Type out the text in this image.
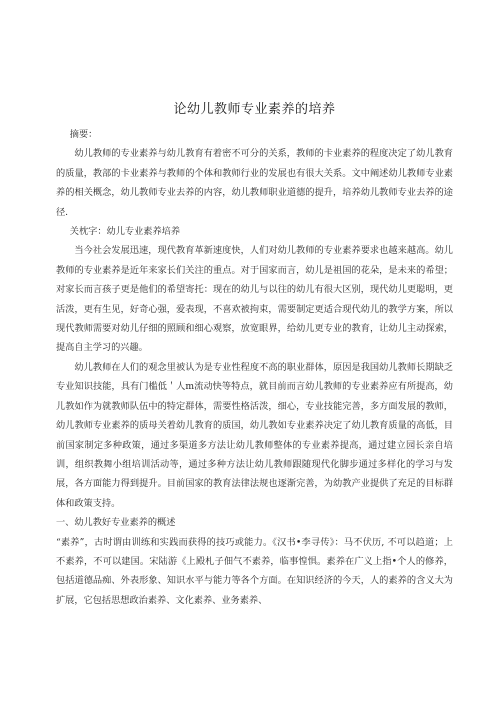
论幼儿教师专业素养的培养

摘要：

幼儿教师的专业素养与幼儿教育有着密不可分的关系，教师的卡业素养的程度决定了幼儿教育的质量，教部的卡业素养与教师的个体和教师行业的发展也有很大关系。文中阐述幼儿教师专业素养的相关概念，幼儿教师专业去养的内容，幼儿教师职业道德的提升，培养幼儿教师专业去养的途径.

关枕字：幼儿专业素养培养

当今社会发展迅速，现代教育革新速度快，人们对幼儿教师的专业素养要求也越来越高。幼儿教师的专业素养是近年来家长们关注的重点。对于国家而言，幼儿是祖国的花朵，是未来的希望；对家长而言孩子更是他们的希望寄托：现在的幼儿与以往的幼儿有很大区别，现代幼儿更聪明，更活泼，更有生见，好奇心强，爱表现，不喜欢被拘束，需要制定更适合现代幼儿的教学方案，所以现代教师需要对幼儿仔细的照顾和细心观察，放宽眼界，给幼儿更专业的教育，让幼儿主动探索，提高自主学习的兴趣。

幼儿教师在人们的观念里被认为是专业性程度不高的职业群体，原因是我国幼儿教师长期缺乏专业知识技能，具有门槛低＇人m流动快等特点，就目前而言幼儿教师的专业素养应有所提高，幼儿教如作为就教师队伍中的特定群体，需要性格活泼，细心，专业技能完善，多方面发展的教师，幼儿教师专业素养的质母关着幼儿教育的质国，幼儿教如专业素养决定了幼儿教育质量的高低，目前国家制定多种政策，通过多渠道多方法让幼儿教师整体的专业素养提高，通过建立园长亲自培训，组织教舞小组培训活动等，通过多种方法让幼儿教师跟随现代化脚步通过多样化的学习与发展，各方面能力得到提升。目前国家的教育法律法规也逐渐完善，为幼教产业提供了充足的目标群体和政策支持。

一、幼儿教好专业素养的概述

“素养”，古时谓由训练和实践而获得的技巧或能力。《汉书•李寻传》：马不伏历, 不可以趋道；上不素养，不可以建国。宋陆游《上殿札子佃气不素养，临事惶惧。素养在广义上指•个人的修养，包括道德品痴、外表形象、知识水平与能力等各个方面。在知识经济的今天，人的素养的含义大为扩展，它包括思想政治素养、文化素养、业务素养、
